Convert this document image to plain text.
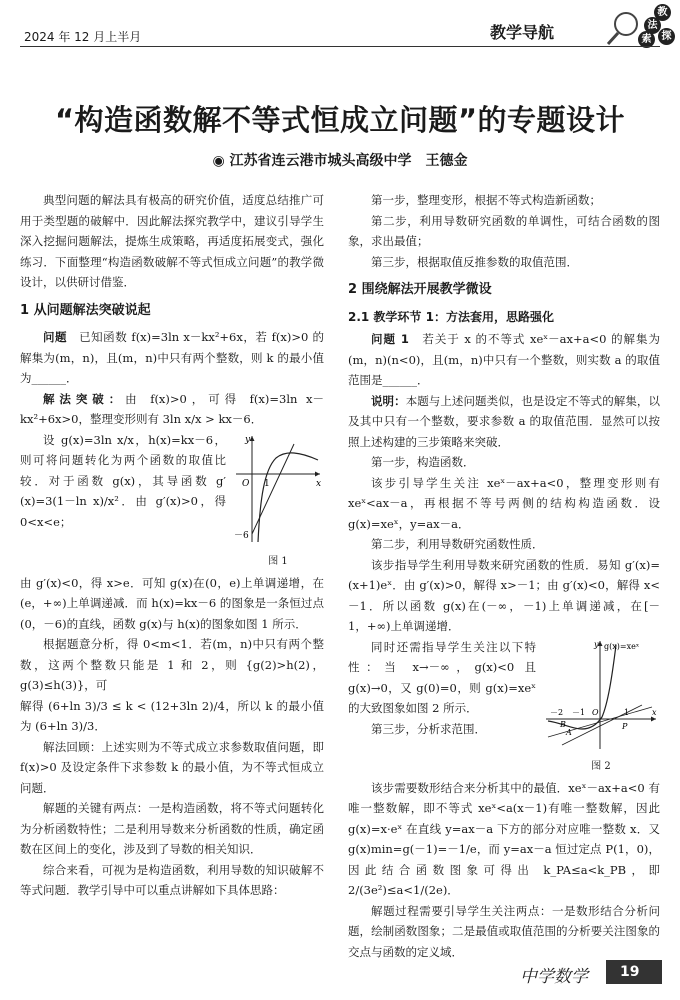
2024 年 12 月上半月	教学导航
教
法
探
索
“构造函数解不等式恒成立问题”的专题设计
◉ 江苏省连云港市城头高级中学　王德金

典型问题的解法具有极高的研究价值，适度总结推广可用于类型题的破解中．因此解法探究教学中，建议引导学生深入挖掘问题解法，提炼生成策略，再适度拓展变式，强化练习．下面整理“构造函数破解不等式恒成立问题”的教学微设计，以供研讨借鉴．

1 从问题解法突破说起

问题　已知函数 f(x)=3ln x－kx²+6x，若 f(x)>0 的解集为(m，n)，且(m，n)中只有两个整数，则 k 的最小值为______．

解法突破：由 f(x)>0，可得 f(x)=3ln x－kx²+6x>0，整理变形则有 3ln x/x > kx－6．

设 g(x)=3ln x/x，h(x)=kx－6，则可将问题转化为两个函数的取值比较．对于函数 g(x)，其导函数 g′(x)=3(1－ln x)/x²．由 g′(x)>0，得 0<x<e；

y
x
O 1
－6
图 1

由 g′(x)<0，得 x>e．可知 g(x)在(0，e)上单调递增，在(e，+∞)上单调递减．而 h(x)=kx－6 的图象是一条恒过点(0，－6)的直线，函数 g(x)与 h(x)的图象如图 1 所示．

根据题意分析，得 0<m<1．若(m，n)中只有两个整数，这两个整数只能是 1 和 2，则 {g(2)>h(2)，g(3)≤h(3)}，可

解得 (6+ln 3)/3 ≤ k < (12+3ln 2)/4，所以 k 的最小值为 (6+ln 3)/3．

解法回顾：上述实则为不等式成立求参数取值问题，即 f(x)>0 及设定条件下求参数 k 的最小值，为不等式恒成立问题．

解题的关键有两点：一是构造函数，将不等式问题转化为分析函数特性；二是利用导数来分析函数的性质，确定函数在区间上的变化，涉及到了导数的相关知识．

综合来看，可视为是构造函数，利用导数的知识破解不等式问题．教学引导中可以重点讲解如下具体思路：

第一步，整理变形，根据不等式构造新函数；

第二步，利用导数研究函数的单调性，可结合函数的图象，求出最值；

第三步，根据取值反推参数的取值范围．

2 围绕解法开展教学微设
2.1 教学环节 1：方法套用，思路强化

问题 1　若关于 x 的不等式 xeˣ－ax+a<0 的解集为(m，n)(n<0)，且(m，n)中只有一个整数，则实数 a 的取值范围是______．

说明：本题与上述问题类似，也是设定不等式的解集，以及其中只有一个整数，要求参数 a 的取值范围．显然可以按照上述构建的三步策略来突破．

第一步，构造函数．

该步引导学生关注 xeˣ－ax+a<0，整理变形则有 xeˣ<ax－a，再根据不等号两侧的结构构造函数．设 g(x)=xeˣ，y=ax－a．

第二步，利用导数研究函数性质．

该步指导学生利用导数来研究函数的性质．易知 g′(x)=(x+1)eˣ．由 g′(x)>0，解得 x>－1；由 g′(x)<0，解得 x<－1．所以函数 g(x)在(－∞，－1)上单调递减，在[－1，+∞)上单调递增．

同时还需指导学生关注以下特性：当 x→－∞，g(x)<0 且 g(x)→0，又 g(0)=0，则 g(x)=xeˣ 的大致图象如图 2 所示．

第三步，分析求范围．

y g(x)=xeˣ
x
－2 －1 O	1
A
B	P
图 2

该步需要数形结合来分析其中的最值．xeˣ－ax+a<0 有唯一整数解，即不等式 xeˣ<a(x－1)有唯一整数解，因此 g(x)=x·eˣ 在直线 y=ax－a 下方的部分对应唯一整数 x．又 g(x)min=g(－1)=－1/e，而 y=ax－a 恒过定点 P(1，0)，因此结合函数图象可得出 k_PA≤a<k_PB，即 2/(3e²)≤a<1/(2e)．

解题过程需要引导学生关注两点：一是数形结合分析问题，绘制函数图象；二是最值或取值范围的分析要关注图象的交点与函数的定义域．

中学数学	19
